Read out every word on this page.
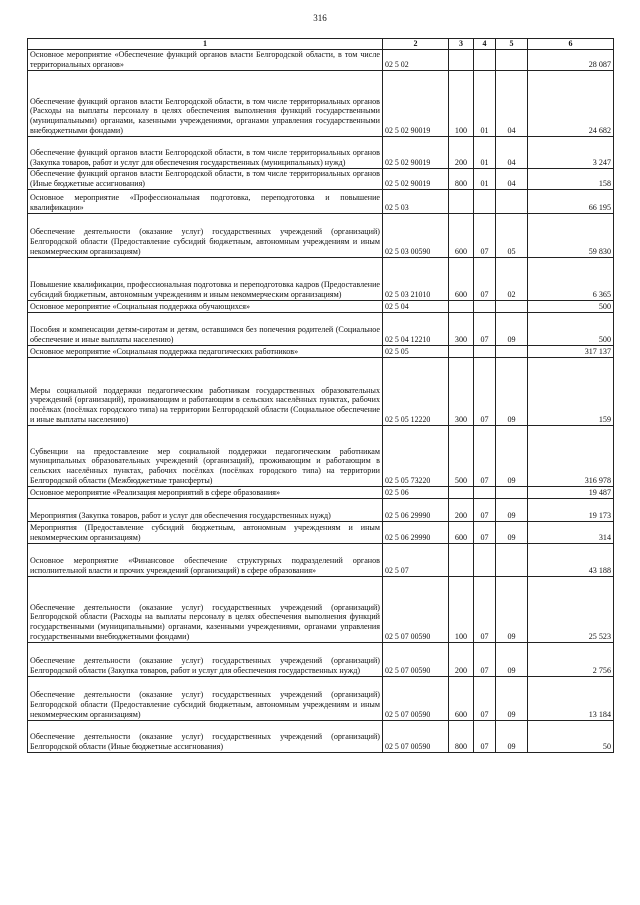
316
1	2	3	4	5	6
Основное мероприятие «Обеспечение функций органов власти Белгородской области, в том числе территориальных органов»	02 5 02				28 087
Обеспечение функций органов власти Белгородской области, в том числе территориальных органов (Расходы на выплаты персоналу в целях обеспечения выполнения функций государственными (муниципальными) органами, казенными учреждениями, органами управления государственными внебюджетными фондами)	02 5 02 90019	100	01	04	24 682
Обеспечение функций органов власти Белгородской области, в том числе территориальных органов (Закупка товаров, работ и услуг для обеспечения государственных (муниципальных) нужд)	02 5 02 90019	200	01	04	3 247
Обеспечение функций органов власти Белгородской области, в том числе территориальных органов (Иные бюджетные ассигнования)	02 5 02 90019	800	01	04	158
Основное мероприятие «Профессиональная подготовка, переподготовка и повышение квалификации»	02 5 03				66 195
Обеспечение деятельности (оказание услуг) государственных учреждений (организаций) Белгородской области (Предоставление субсидий бюджетным, автономным учреждениям и иным некоммерческим организациям)	02 5 03 00590	600	07	05	59 830
Повышение квалификации, профессиональная подготовка и переподготовка кадров (Предоставление субсидий бюджетным, автономным учреждениям и иным некоммерческим организациям)	02 5 03 21010	600	07	02	6 365
Основное мероприятие «Социальная поддержка обучающихся»	02 5 04				500
Пособия и компенсации детям-сиротам и детям, оставшимся без попечения родителей (Социальное обеспечение и иные выплаты населению)	02 5 04 12210	300	07	09	500
Основное мероприятие «Социальная поддержка педагогических работников»	02 5 05				317 137
Меры социальной поддержки педагогическим работникам государственных образовательных учреждений (организаций), проживающим и работающим в сельских населённых пунктах, рабочих посёлках (посёлках городского типа) на территории Белгородской области (Социальное обеспечение и иные выплаты населению)	02 5 05 12220	300	07	09	159
Субвенции на предоставление мер социальной поддержки педагогическим работникам муниципальных образовательных учреждений (организаций), проживающим и работающим в сельских населённых пунктах, рабочих посёлках (посёлках городского типа) на территории Белгородской области (Межбюджетные трансферты)	02 5 05 73220	500	07	09	316 978
Основное мероприятие «Реализация мероприятий в сфере образования»	02 5 06				19 487
Мероприятия (Закупка товаров, работ и услуг для обеспечения государственных нужд)	02 5 06 29990	200	07	09	19 173
Мероприятия (Предоставление субсидий бюджетным, автономным учреждениям и иным некоммерческим организациям)	02 5 06 29990	600	07	09	314
Основное мероприятие «Финансовое обеспечение структурных подразделений органов исполнительной власти и прочих учреждений (организаций) в сфере образования»	02 5 07				43 188
Обеспечение деятельности (оказание услуг) государственных учреждений (организаций) Белгородской области (Расходы на выплаты персоналу в целях обеспечения выполнения функций государственными (муниципальными) органами, казенными учреждениями, органами управления государственными внебюджетными фондами)	02 5 07 00590	100	07	09	25 523
Обеспечение деятельности (оказание услуг) государственных учреждений (организаций) Белгородской области (Закупка товаров, работ и услуг для обеспечения государственных нужд)	02 5 07 00590	200	07	09	2 756
Обеспечение деятельности (оказание услуг) государственных учреждений (организаций) Белгородской области (Предоставление субсидий бюджетным, автономным учреждениям и иным некоммерческим организациям)	02 5 07 00590	600	07	09	13 184
Обеспечение деятельности (оказание услуг) государственных учреждений (организаций) Белгородской области (Иные бюджетные ассигнования)	02 5 07 00590	800	07	09	50
